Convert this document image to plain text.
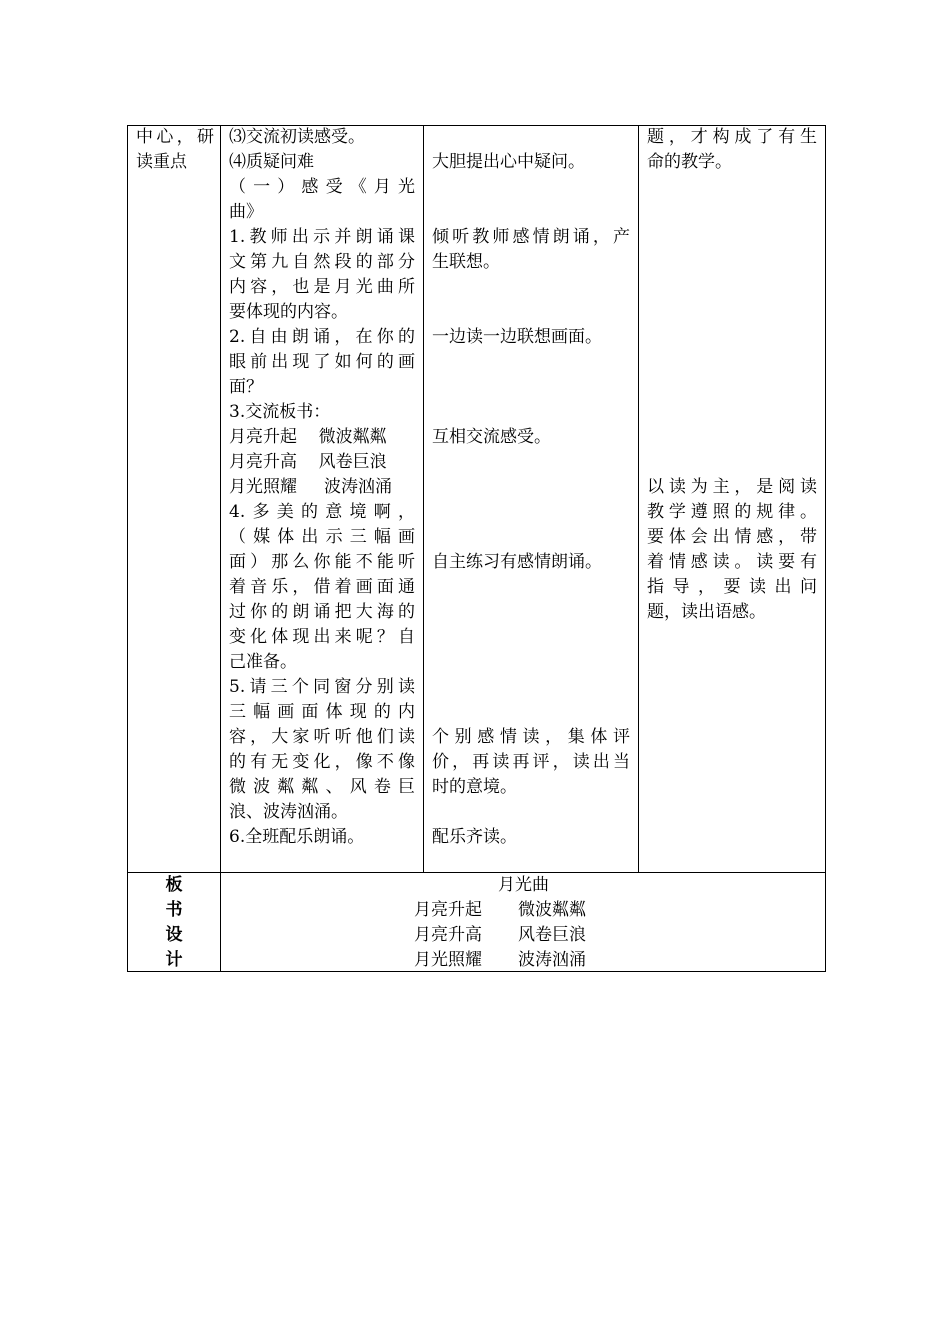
中心，研
读重点
⑶交流初读感受。
⑷质疑问难
（一）感受《月光
曲》
1.教师出示并朗诵课
文第九自然段的部分
内容，也是月光曲所
要体现的内容。
2.自由朗诵，在你的
眼前出现了如何的画
面？
3.交流板书：
月亮升起    微波粼粼
月亮升高    风卷巨浪
月光照耀     波涛汹涌
4.多美的意境啊，
（媒体出示三幅画
面）那么你能不能听
着音乐，借着画面通
过你的朗诵把大海的
变化体现出来呢？自
己准备。
5.请三个同窗分别读
三幅画面体现的内
容，大家听听他们读
的有无变化，像不像
微波粼粼、风卷巨
浪、波涛汹涌。
6.全班配乐朗诵。
大胆提出心中疑问。
倾听教师感情朗诵，产
生联想。
一边读一边联想画面。
互相交流感受。
自主练习有感情朗诵。
个别感情读，集体评
价，再读再评，读出当
时的意境。
配乐齐读。
题，才构成了有生
命的教学。
以读为主，是阅读
教学遵照的规律。
要体会出情感，带
着情感读。读要有
指导，要读出问
题，读出语感。
板
书
设
计
月光曲
月亮升起 微波粼粼
月亮升高 风卷巨浪
月光照耀 波涛汹涌
